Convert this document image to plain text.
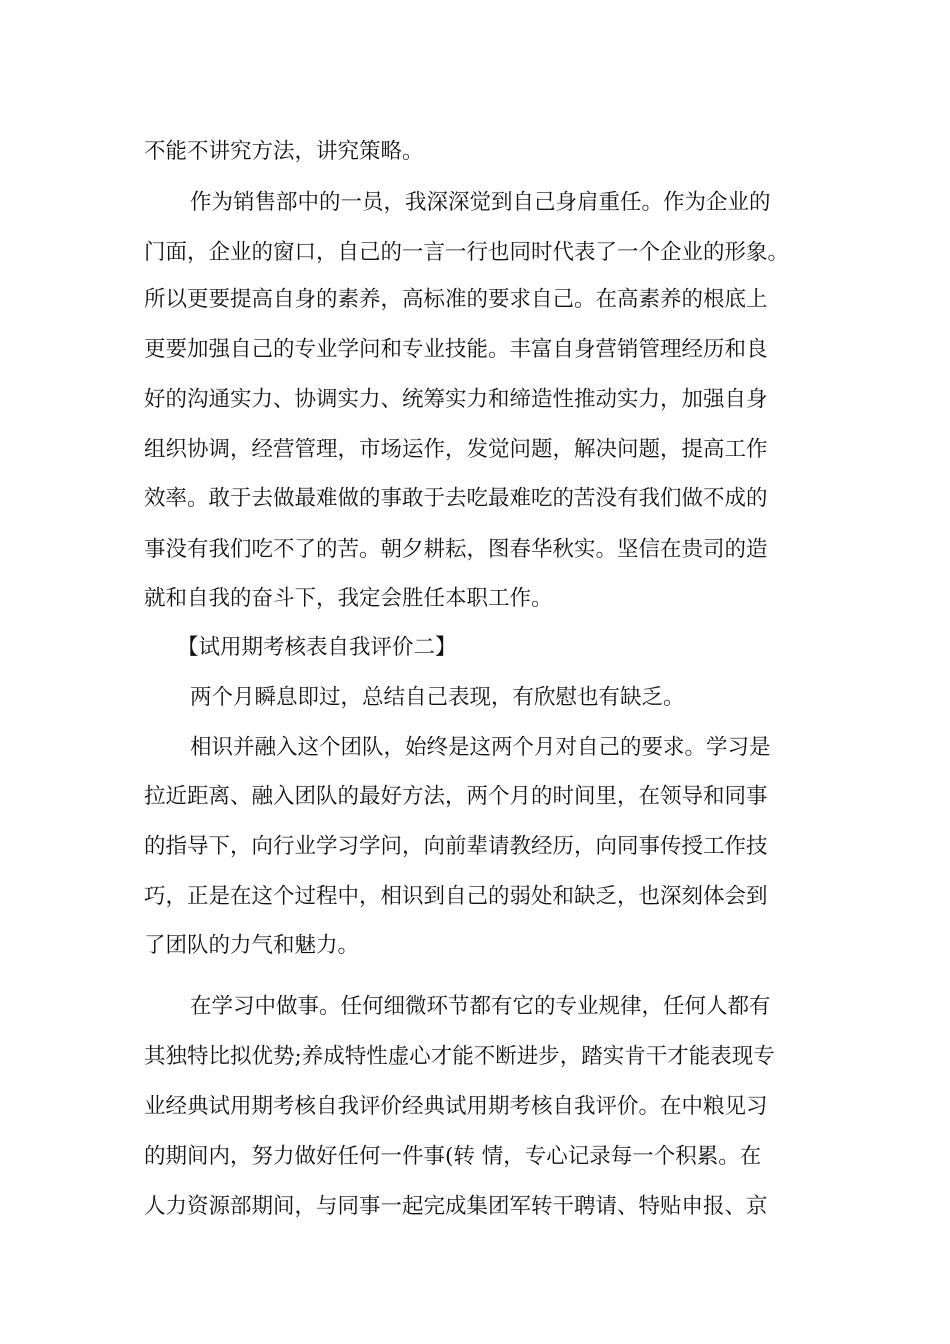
不能不讲究方法，讲究策略。
作为销售部中的一员，我深深觉到自己身肩重任。作为企业的
门面，企业的窗口，自己的一言一行也同时代表了一个企业的形象。
所以更要提高自身的素养，高标准的要求自己。在高素养的根底上
更要加强自己的专业学问和专业技能。丰富自身营销管理经历和良
好的沟通实力、协调实力、统筹实力和缔造性推动实力，加强自身
组织协调，经营管理，市场运作，发觉问题，解决问题，提高工作
效率。敢于去做最难做的事敢于去吃最难吃的苦没有我们做不成的
事没有我们吃不了的苦。朝夕耕耘，图春华秋实。坚信在贵司的造
就和自我的奋斗下，我定会胜任本职工作。
【试用期考核表自我评价二】
两个月瞬息即过，总结自己表现，有欣慰也有缺乏。
相识并融入这个团队，始终是这两个月对自己的要求。学习是
拉近距离、融入团队的最好方法，两个月的时间里，在领导和同事
的指导下，向行业学习学问，向前辈请教经历，向同事传授工作技
巧，正是在这个过程中，相识到自己的弱处和缺乏，也深刻体会到
了团队的力气和魅力。
在学习中做事。任何细微环节都有它的专业规律，任何人都有
其独特比拟优势;养成特性虚心才能不断进步，踏实肯干才能表现专
业经典试用期考核自我评价经典试用期考核自我评价。在中粮见习
的期间内，努力做好任何一件事(转 情，专心记录每一个积累。在
人力资源部期间，与同事一起完成集团军转干聘请、特贴申报、京
